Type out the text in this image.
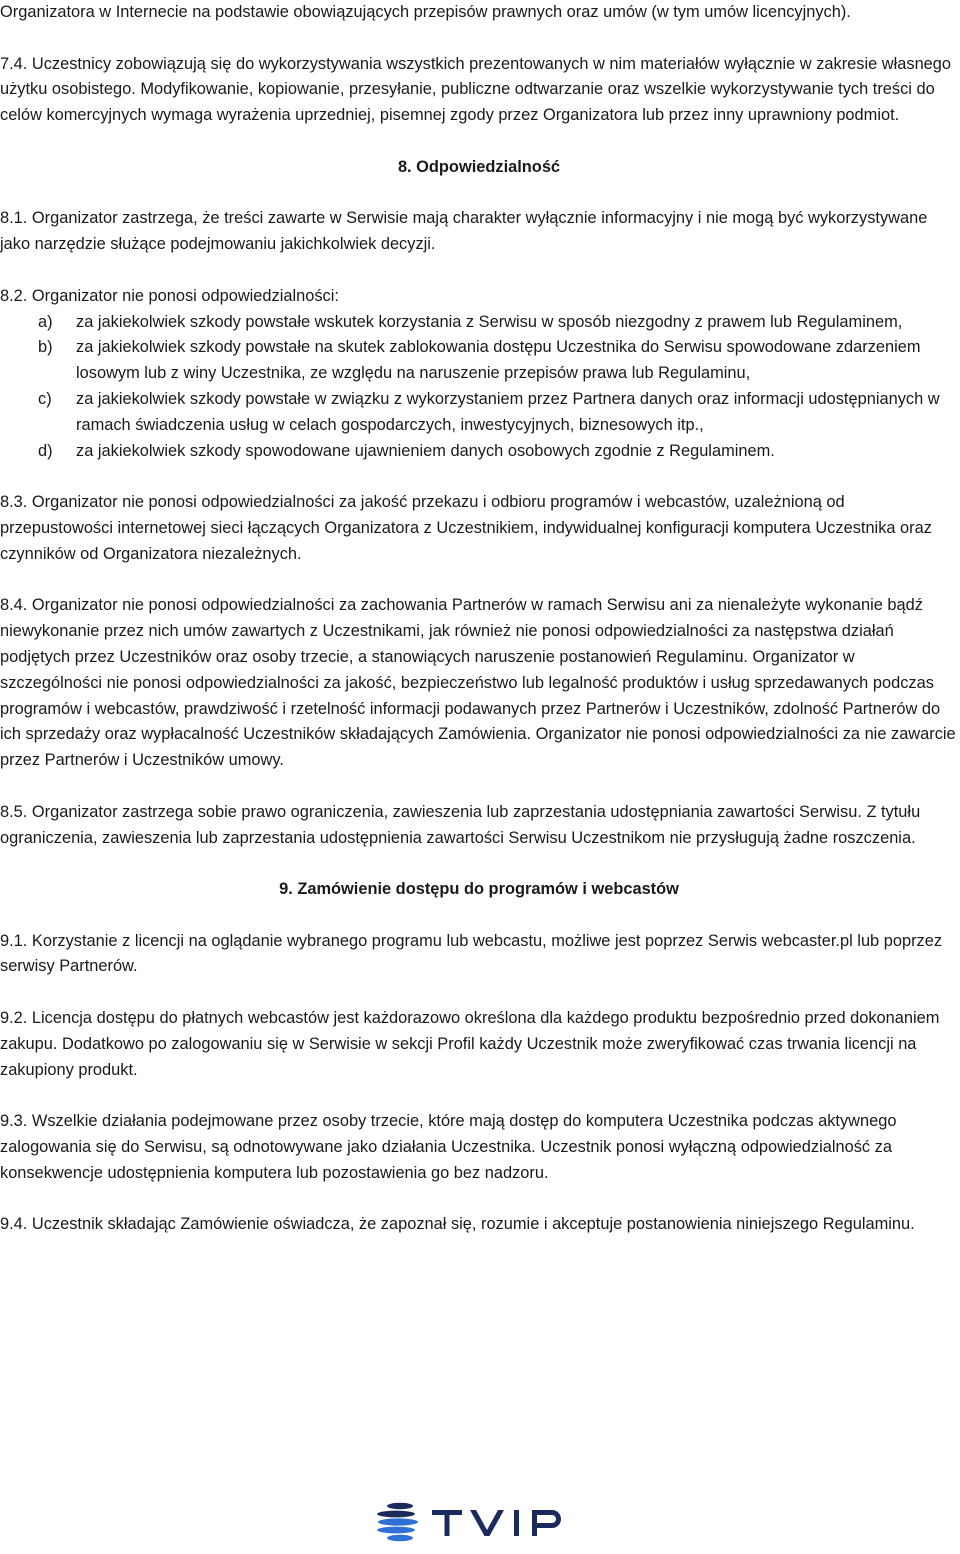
Organizatora w Internecie na podstawie obowiązujących przepisów prawnych oraz umów (w tym umów licencyjnych).

7.4. Uczestnicy zobowiązują się do wykorzystywania wszystkich prezentowanych w nim materiałów wyłącznie w zakresie własnego użytku osobistego. Modyfikowanie, kopiowanie, przesyłanie, publiczne odtwarzanie oraz wszelkie wykorzystywanie tych treści do celów komercyjnych wymaga wyrażenia uprzedniej, pisemnej zgody przez Organizatora lub przez inny uprawniony podmiot.

8. Odpowiedzialność

8.1. Organizator zastrzega, że treści zawarte w Serwisie mają charakter wyłącznie informacyjny i nie mogą być wykorzystywane jako narzędzie służące podejmowaniu jakichkolwiek decyzji.

8.2. Organizator nie ponosi odpowiedzialności:

a) za jakiekolwiek szkody powstałe wskutek korzystania z Serwisu w sposób niezgodny z prawem lub Regulaminem,
b) za jakiekolwiek szkody powstałe na skutek zablokowania dostępu Uczestnika do Serwisu spowodowane zdarzeniem losowym lub z winy Uczestnika, ze względu na naruszenie przepisów prawa lub Regulaminu,
c) za jakiekolwiek szkody powstałe w związku z wykorzystaniem przez Partnera danych oraz informacji udostępnianych w ramach świadczenia usług w celach gospodarczych, inwestycyjnych, biznesowych itp.,
d) za jakiekolwiek szkody spowodowane ujawnieniem danych osobowych zgodnie z Regulaminem.

8.3. Organizator nie ponosi odpowiedzialności za jakość przekazu i odbioru programów i webcastów, uzależnioną od przepustowości internetowej sieci łączących Organizatora z Uczestnikiem, indywidualnej konfiguracji komputera Uczestnika oraz czynników od Organizatora niezależnych.

8.4. Organizator nie ponosi odpowiedzialności za zachowania Partnerów w ramach Serwisu ani za nienależyte wykonanie bądź niewykonanie przez nich umów zawartych z Uczestnikami, jak również nie ponosi odpowiedzialności za następstwa działań podjętych przez Uczestników oraz osoby trzecie, a stanowiących naruszenie postanowień Regulaminu. Organizator w szczególności nie ponosi odpowiedzialności za jakość, bezpieczeństwo lub legalność produktów i usług sprzedawanych podczas programów i webcastów, prawdziwość i rzetelność informacji podawanych przez Partnerów i Uczestników, zdolność Partnerów do ich sprzedaży oraz wypłacalność Uczestników składających Zamówienia. Organizator nie ponosi odpowiedzialności za nie zawarcie przez Partnerów i Uczestników umowy.

8.5. Organizator zastrzega sobie prawo ograniczenia, zawieszenia lub zaprzestania udostępniania zawartości Serwisu. Z tytułu ograniczenia, zawieszenia lub zaprzestania udostępnienia zawartości Serwisu Uczestnikom nie przysługują żadne roszczenia.

9. Zamówienie dostępu do programów i webcastów

9.1. Korzystanie z licencji na oglądanie wybranego programu lub webcastu, możliwe jest poprzez Serwis webcaster.pl lub poprzez serwisy Partnerów.

9.2. Licencja dostępu do płatnych webcastów jest każdorazowo określona dla każdego produktu bezpośrednio przed dokonaniem zakupu. Dodatkowo po zalogowaniu się w Serwisie w sekcji Profil każdy Uczestnik może zweryfikować czas trwania licencji na zakupiony produkt.

9.3. Wszelkie działania podejmowane przez osoby trzecie, które mają dostęp do komputera Uczestnika podczas aktywnego zalogowania się do Serwisu, są odnotowywane jako działania Uczestnika. Uczestnik ponosi wyłączną odpowiedzialność za konsekwencje udostępnienia komputera lub pozostawienia go bez nadzoru.

9.4. Uczestnik składając Zamówienie oświadcza, że zapoznał się, rozumie i akceptuje postanowienia niniejszego Regulaminu.
